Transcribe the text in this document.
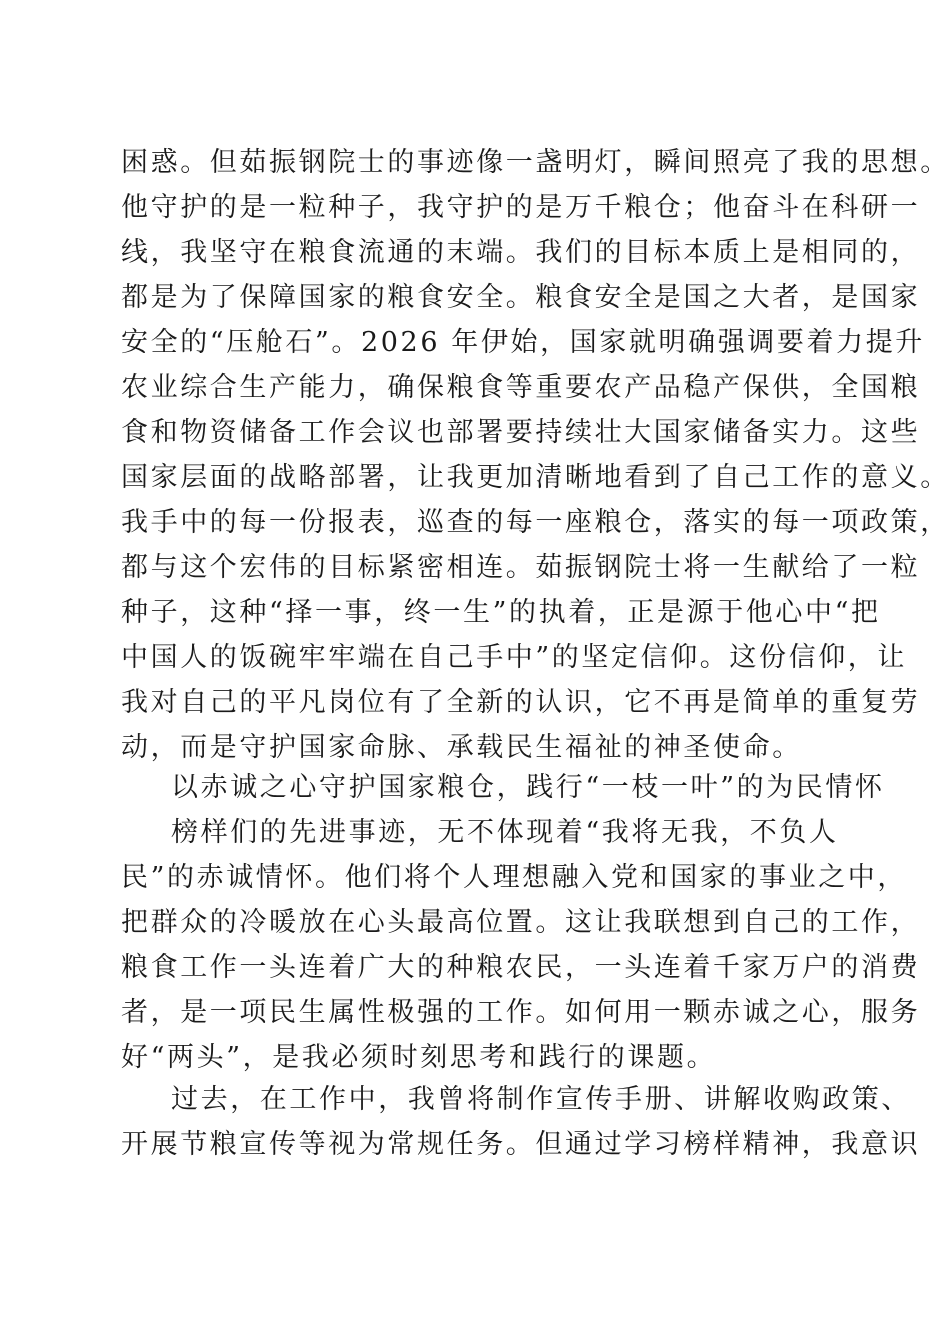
困惑。但茹振钢院士的事迹像一盏明灯，瞬间照亮了我的思想。
他守护的是一粒种子，我守护的是万千粮仓；他奋斗在科研一
线，我坚守在粮食流通的末端。我们的目标本质上是相同的，
都是为了保障国家的粮食安全。粮食安全是国之大者，是国家
安全的“压舱石”。2026 年伊始，国家就明确强调要着力提升
农业综合生产能力，确保粮食等重要农产品稳产保供，全国粮
食和物资储备工作会议也部署要持续壮大国家储备实力。这些
国家层面的战略部署，让我更加清晰地看到了自己工作的意义。
我手中的每一份报表，巡查的每一座粮仓，落实的每一项政策，
都与这个宏伟的目标紧密相连。茹振钢院士将一生献给了一粒
种子，这种“择一事，终一生”的执着，正是源于他心中“把
中国人的饭碗牢牢端在自己手中”的坚定信仰。这份信仰，让
我对自己的平凡岗位有了全新的认识，它不再是简单的重复劳
动，而是守护国家命脉、承载民生福祉的神圣使命。
以赤诚之心守护国家粮仓，践行“一枝一叶”的为民情怀
榜样们的先进事迹，无不体现着“我将无我，不负人
民”的赤诚情怀。他们将个人理想融入党和国家的事业之中，
把群众的冷暖放在心头最高位置。这让我联想到自己的工作，
粮食工作一头连着广大的种粮农民，一头连着千家万户的消费
者，是一项民生属性极强的工作。如何用一颗赤诚之心，服务
好“两头”，是我必须时刻思考和践行的课题。
过去，在工作中，我曾将制作宣传手册、讲解收购政策、
开展节粮宣传等视为常规任务。但通过学习榜样精神，我意识
